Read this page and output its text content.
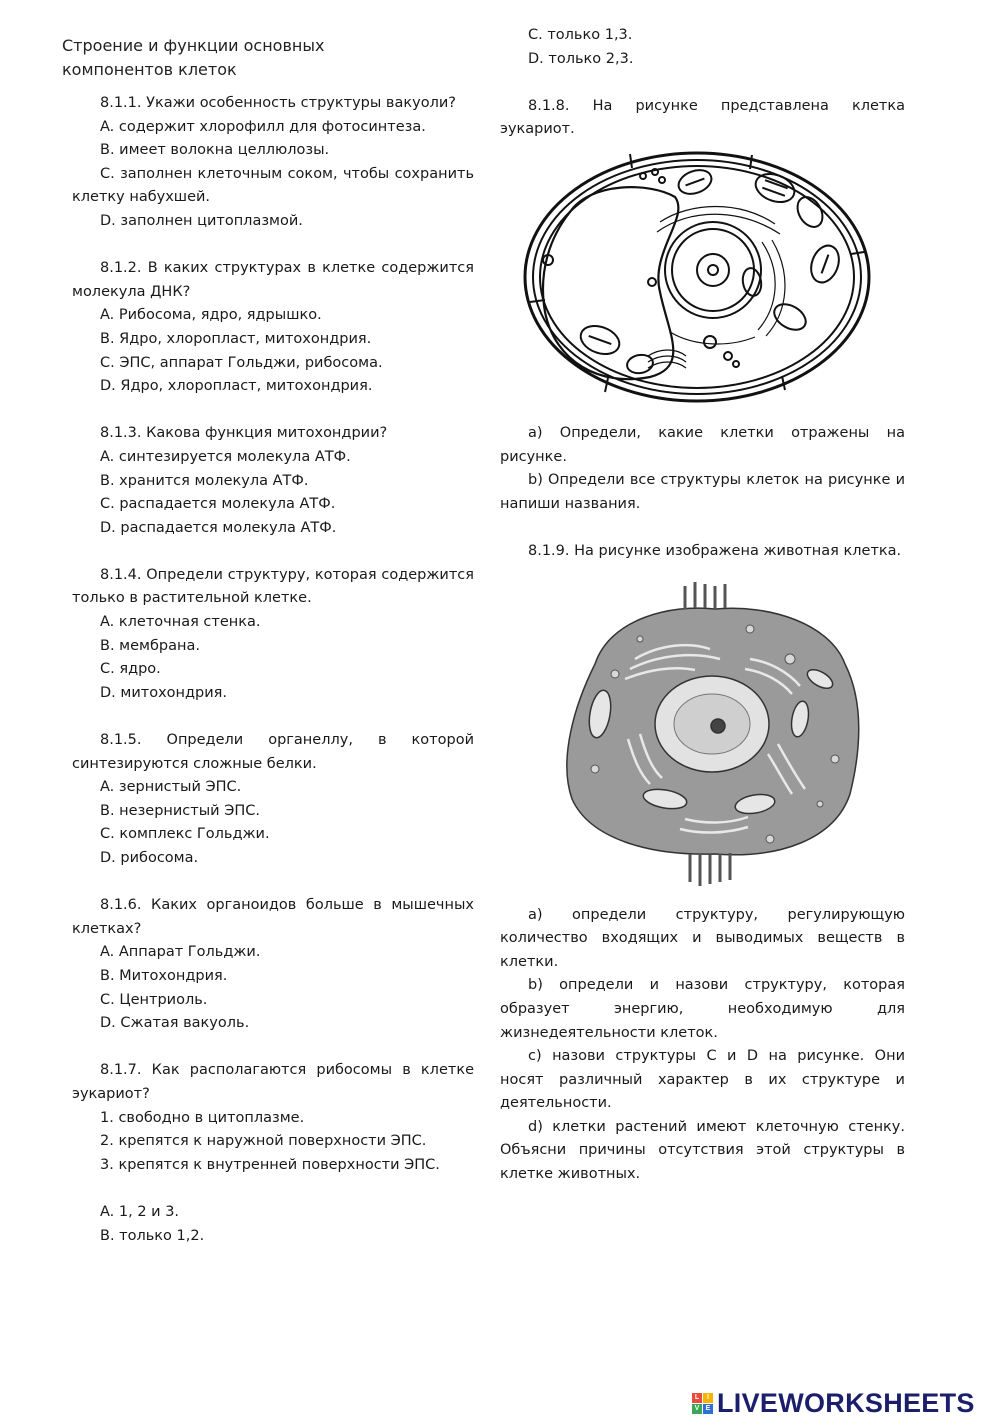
Строение и функции основных
компонентов клеток

8.1.1. Укажи особенность структуры вакуоли?

A. содержит хлорофилл для фотосинтеза.

B. имеет волокна целлюлозы.

C. заполнен клеточным соком, чтобы сохранить клетку набухшей.

D. заполнен цитоплазмой.

8.1.2. В каких структурах в клетке содержится молекула ДНК?

A. Рибосома, ядро, ядрышко.

B. Ядро, хлоропласт, митохондрия.

C. ЭПС, аппарат Гольджи, рибосома.

D. Ядро, хлоропласт, митохондрия.

8.1.3. Какова функция митохондрии?

A. синтезируется молекула АТФ.

B. хранится молекула АТФ.

C. распадается молекула АТФ.

D. распадается молекула АТФ.

8.1.4. Определи структуру, которая содержится только в растительной клетке.

A. клеточная стенка.

B. мембрана.

C. ядро.

D. митохондрия.

8.1.5. Определи органеллу, в которой синтезируются сложные белки.

A. зернистый ЭПС.

B. незернистый ЭПС.

C. комплекс Гольджи.

D. рибосома.

8.1.6. Каких органоидов больше в мышечных клетках?

A. Аппарат Гольджи.

B. Митохондрия.

C. Центриоль.

D. Сжатая вакуоль.

8.1.7. Как располагаются рибосомы в клетке эукариот?

1. свободно в цитоплазме.

2. крепятся к наружной поверхности ЭПС.

3. крепятся к внутренней поверхности ЭПС.

A. 1, 2 и 3.

B. только 1,2.

C. только 1,3.

D. только 2,3.

8.1.8. На рисунке представлена клетка эукариот.

a) Определи, какие клетки отражены на рисунке.

b) Определи все структуры клеток на рисунке и напиши названия.

8.1.9. На рисунке изображена животная клетка.

a) определи структуру, регулирующую количество входящих и выводимых веществ в клетки.

b) определи и назови структуру, которая образует энергию, необходимую для жизнедеятельности клеток.

c) назови структуры C и D на рисунке. Они носят различный характер в их структуре и деятельности.

d) клетки растений имеют клеточную стенку. Объясни причины отсутствия этой структуры в клетке животных.

L	I
V E LIVEWORKSHEETS
